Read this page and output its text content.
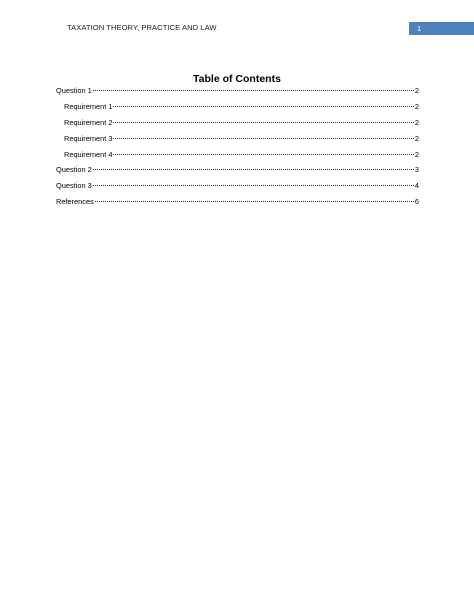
TAXATION THEORY, PRACTICE AND LAW	1
Table of Contents
Question 1	2
Requirement 1	2
Requirement 2	2
Requirement 3	2
Requirement 4	2
Question 2	3
Question 3	4
References	6
